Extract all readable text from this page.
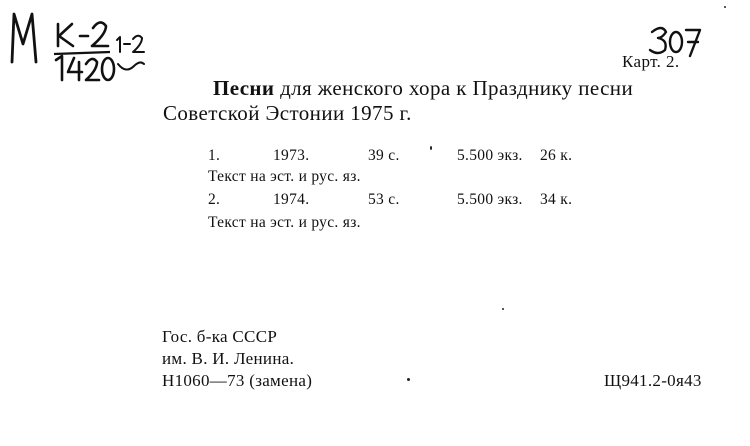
Карт. 2.
Песни для женского хора к Празднику песни
Советской Эстонии 1975 г.
1.	1973.	39 с.	5.500 экз. 26 к.
Текст на эст. и рус. яз.
2.	1974.	53 с.	5.500 экз. 34 к.
Текст на эст. и рус. яз.
Гос. б-ка СССР
им. В. И. Ленина.
Н1060—73 (замена)	Щ941.2-0я43
